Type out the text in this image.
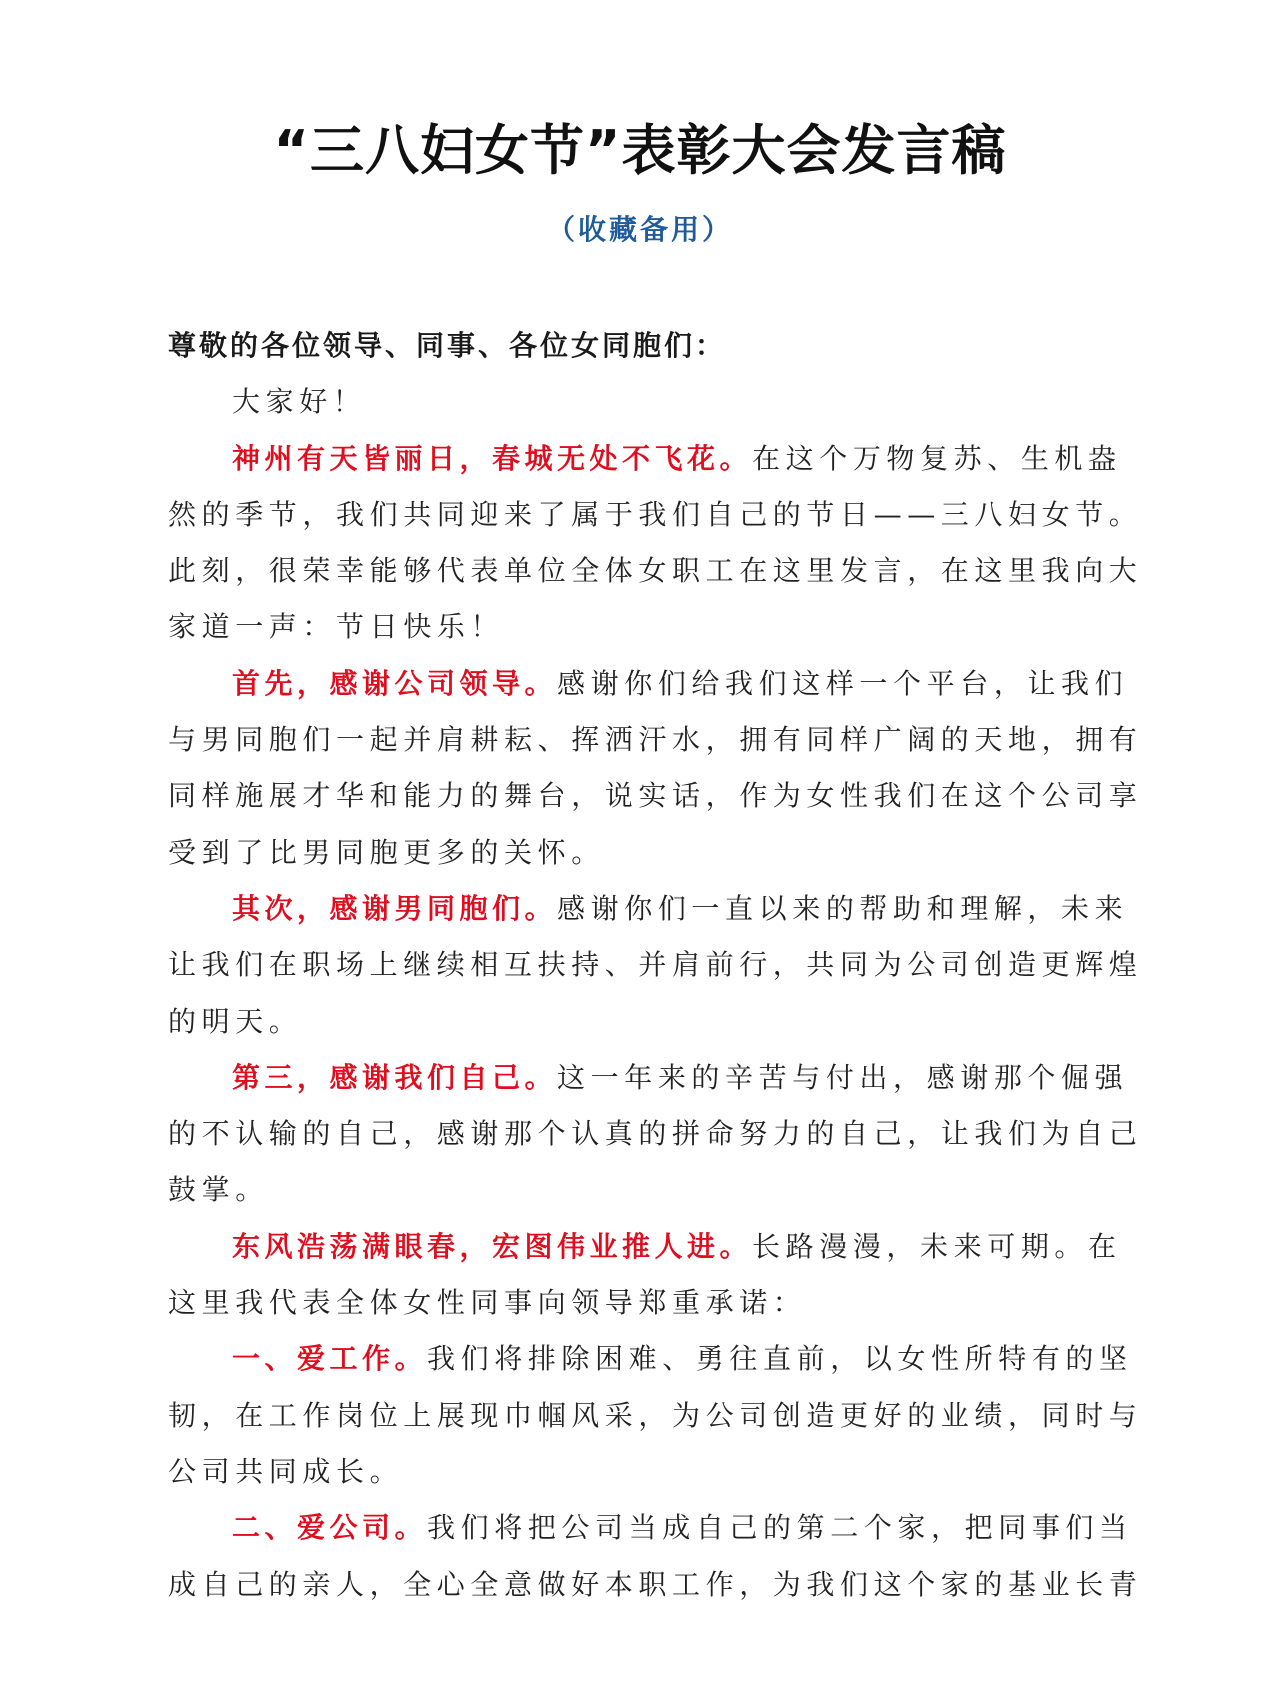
“三八妇女节”表彰大会发言稿
（收藏备用）
尊敬的各位领导、同事、各位女同胞们：
大家好！
神州有天皆丽日，春城无处不飞花。在这个万物复苏、生机盎
然的季节，我们共同迎来了属于我们自己的节日——三八妇女节。
此刻，很荣幸能够代表单位全体女职工在这里发言，在这里我向大
家道一声：节日快乐！
首先，感谢公司领导。感谢你们给我们这样一个平台，让我们
与男同胞们一起并肩耕耘、挥洒汗水，拥有同样广阔的天地，拥有
同样施展才华和能力的舞台，说实话，作为女性我们在这个公司享
受到了比男同胞更多的关怀。
其次，感谢男同胞们。感谢你们一直以来的帮助和理解，未来
让我们在职场上继续相互扶持、并肩前行，共同为公司创造更辉煌
的明天。
第三，感谢我们自己。这一年来的辛苦与付出，感谢那个倔强
的不认输的自己，感谢那个认真的拼命努力的自己，让我们为自己
鼓掌。
东风浩荡满眼春，宏图伟业推人进。长路漫漫，未来可期。在
这里我代表全体女性同事向领导郑重承诺：
一、爱工作。我们将排除困难、勇往直前，以女性所特有的坚
韧，在工作岗位上展现巾帼风采，为公司创造更好的业绩，同时与
公司共同成长。
二、爱公司。我们将把公司当成自己的第二个家，把同事们当
成自己的亲人，全心全意做好本职工作，为我们这个家的基业长青
